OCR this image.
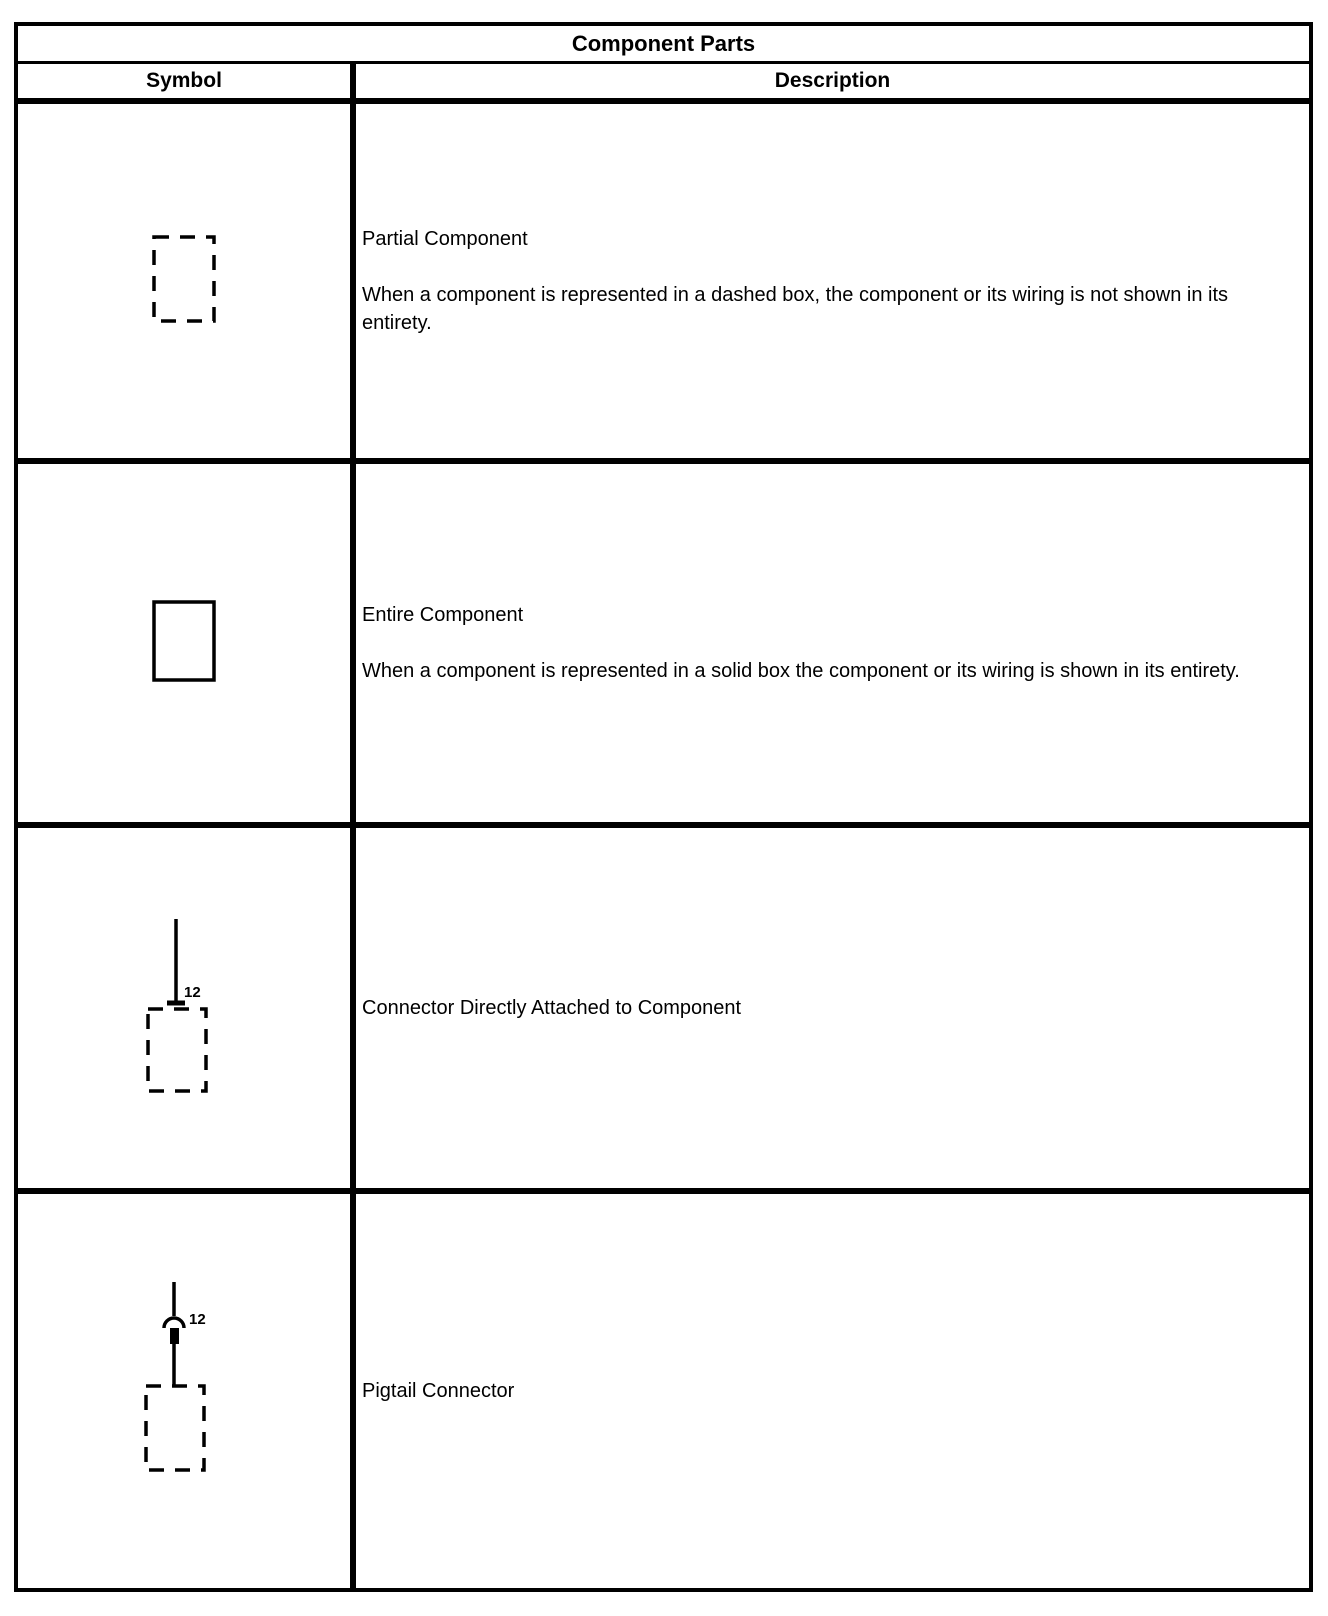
Component Parts
Symbol	Description

Partial Component

When a component is represented in a dashed box, the component or its wiring is not shown in its entirety.

Entire Component

When a component is represented in a solid box the component or its wiring is shown in its entirety.

12

Connector Directly Attached to Component

12

Pigtail Connector
